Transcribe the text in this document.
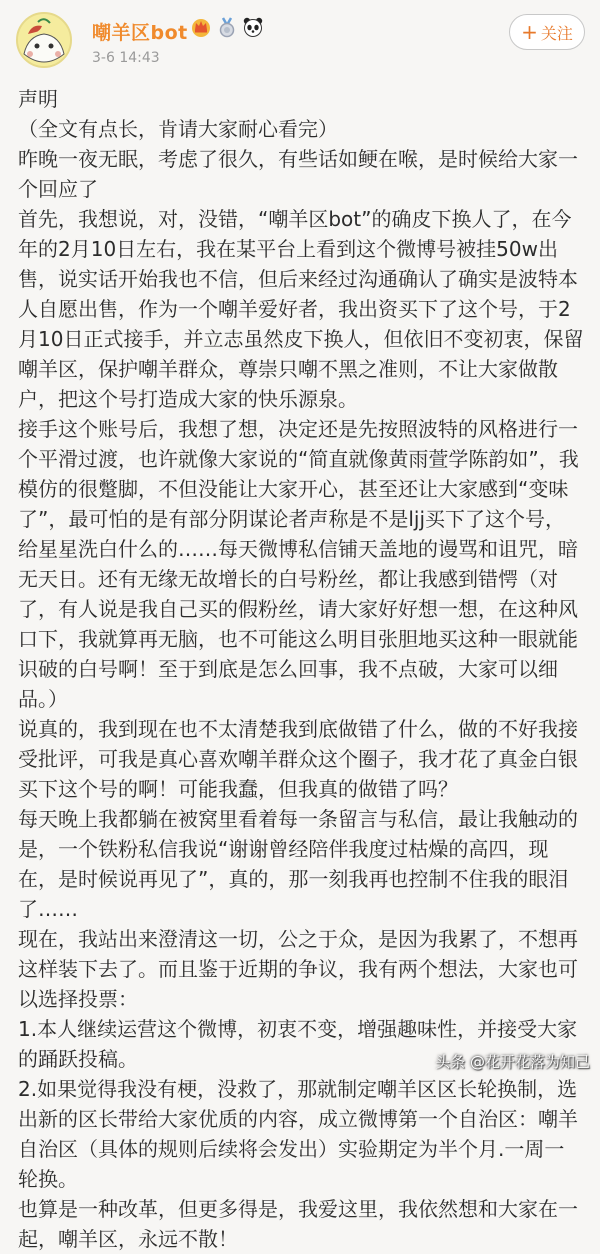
嘲羊区bot
3-6 14:43
+ 关注

声明

（全文有点长，肯请大家耐心看完）

昨晚一夜无眠，考虑了很久，有些话如鲠在喉，是时候给大家一个回应了

首先，我想说，对，没错，“嘲羊区bot”的确皮下换人了，在今年的2月10日左右，我在某平台上看到这个微博号被挂50w出售，说实话开始我也不信，但后来经过沟通确认了确实是波特本人自愿出售，作为一个嘲羊爱好者，我出资买下了这个号，于2月10日正式接手，并立志虽然皮下换人，但依旧不变初衷，保留嘲羊区，保护嘲羊群众，尊崇只嘲不黑之准则，不让大家做散户，把这个号打造成大家的快乐源泉。

接手这个账号后，我想了想，决定还是先按照波特的风格进行一个平滑过渡，也许就像大家说的“简直就像黄雨萱学陈韵如”，我模仿的很蹩脚，不但没能让大家开心，甚至还让大家感到“变味了”，最可怕的是有部分阴谋论者声称是不是ljj买下了这个号，给星星洗白什么的……每天微博私信铺天盖地的谩骂和诅咒，暗无天日。还有无缘无故增长的白号粉丝，都让我感到错愕（对了，有人说是我自己买的假粉丝，请大家好好想一想，在这种风口下，我就算再无脑，也不可能这么明目张胆地买这种一眼就能识破的白号啊！至于到底是怎么回事，我不点破，大家可以细品。）

说真的，我到现在也不太清楚我到底做错了什么，做的不好我接受批评，可我是真心喜欢嘲羊群众这个圈子，我才花了真金白银买下这个号的啊！可能我蠢，但我真的做错了吗？

每天晚上我都躺在被窝里看着每一条留言与私信，最让我触动的是，一个铁粉私信我说“谢谢曾经陪伴我度过枯燥的高四，现在，是时候说再见了”，真的，那一刻我再也控制不住我的眼泪了……

现在，我站出来澄清这一切，公之于众，是因为我累了，不想再这样装下去了。而且鉴于近期的争议，我有两个想法，大家也可以选择投票：

1.本人继续运营这个微博，初衷不变，增强趣味性，并接受大家的踊跃投稿。

2.如果觉得我没有梗，没救了，那就制定嘲羊区区长轮换制，选出新的区长带给大家优质的内容，成立微博第一个自治区：嘲羊自治区（具体的规则后续将会发出）实验期定为半个月.一周一轮换。

也算是一种改革，但更多得是，我爱这里，我依然想和大家在一起，嘲羊区，永远不散！

头条 @花开花落为知己
